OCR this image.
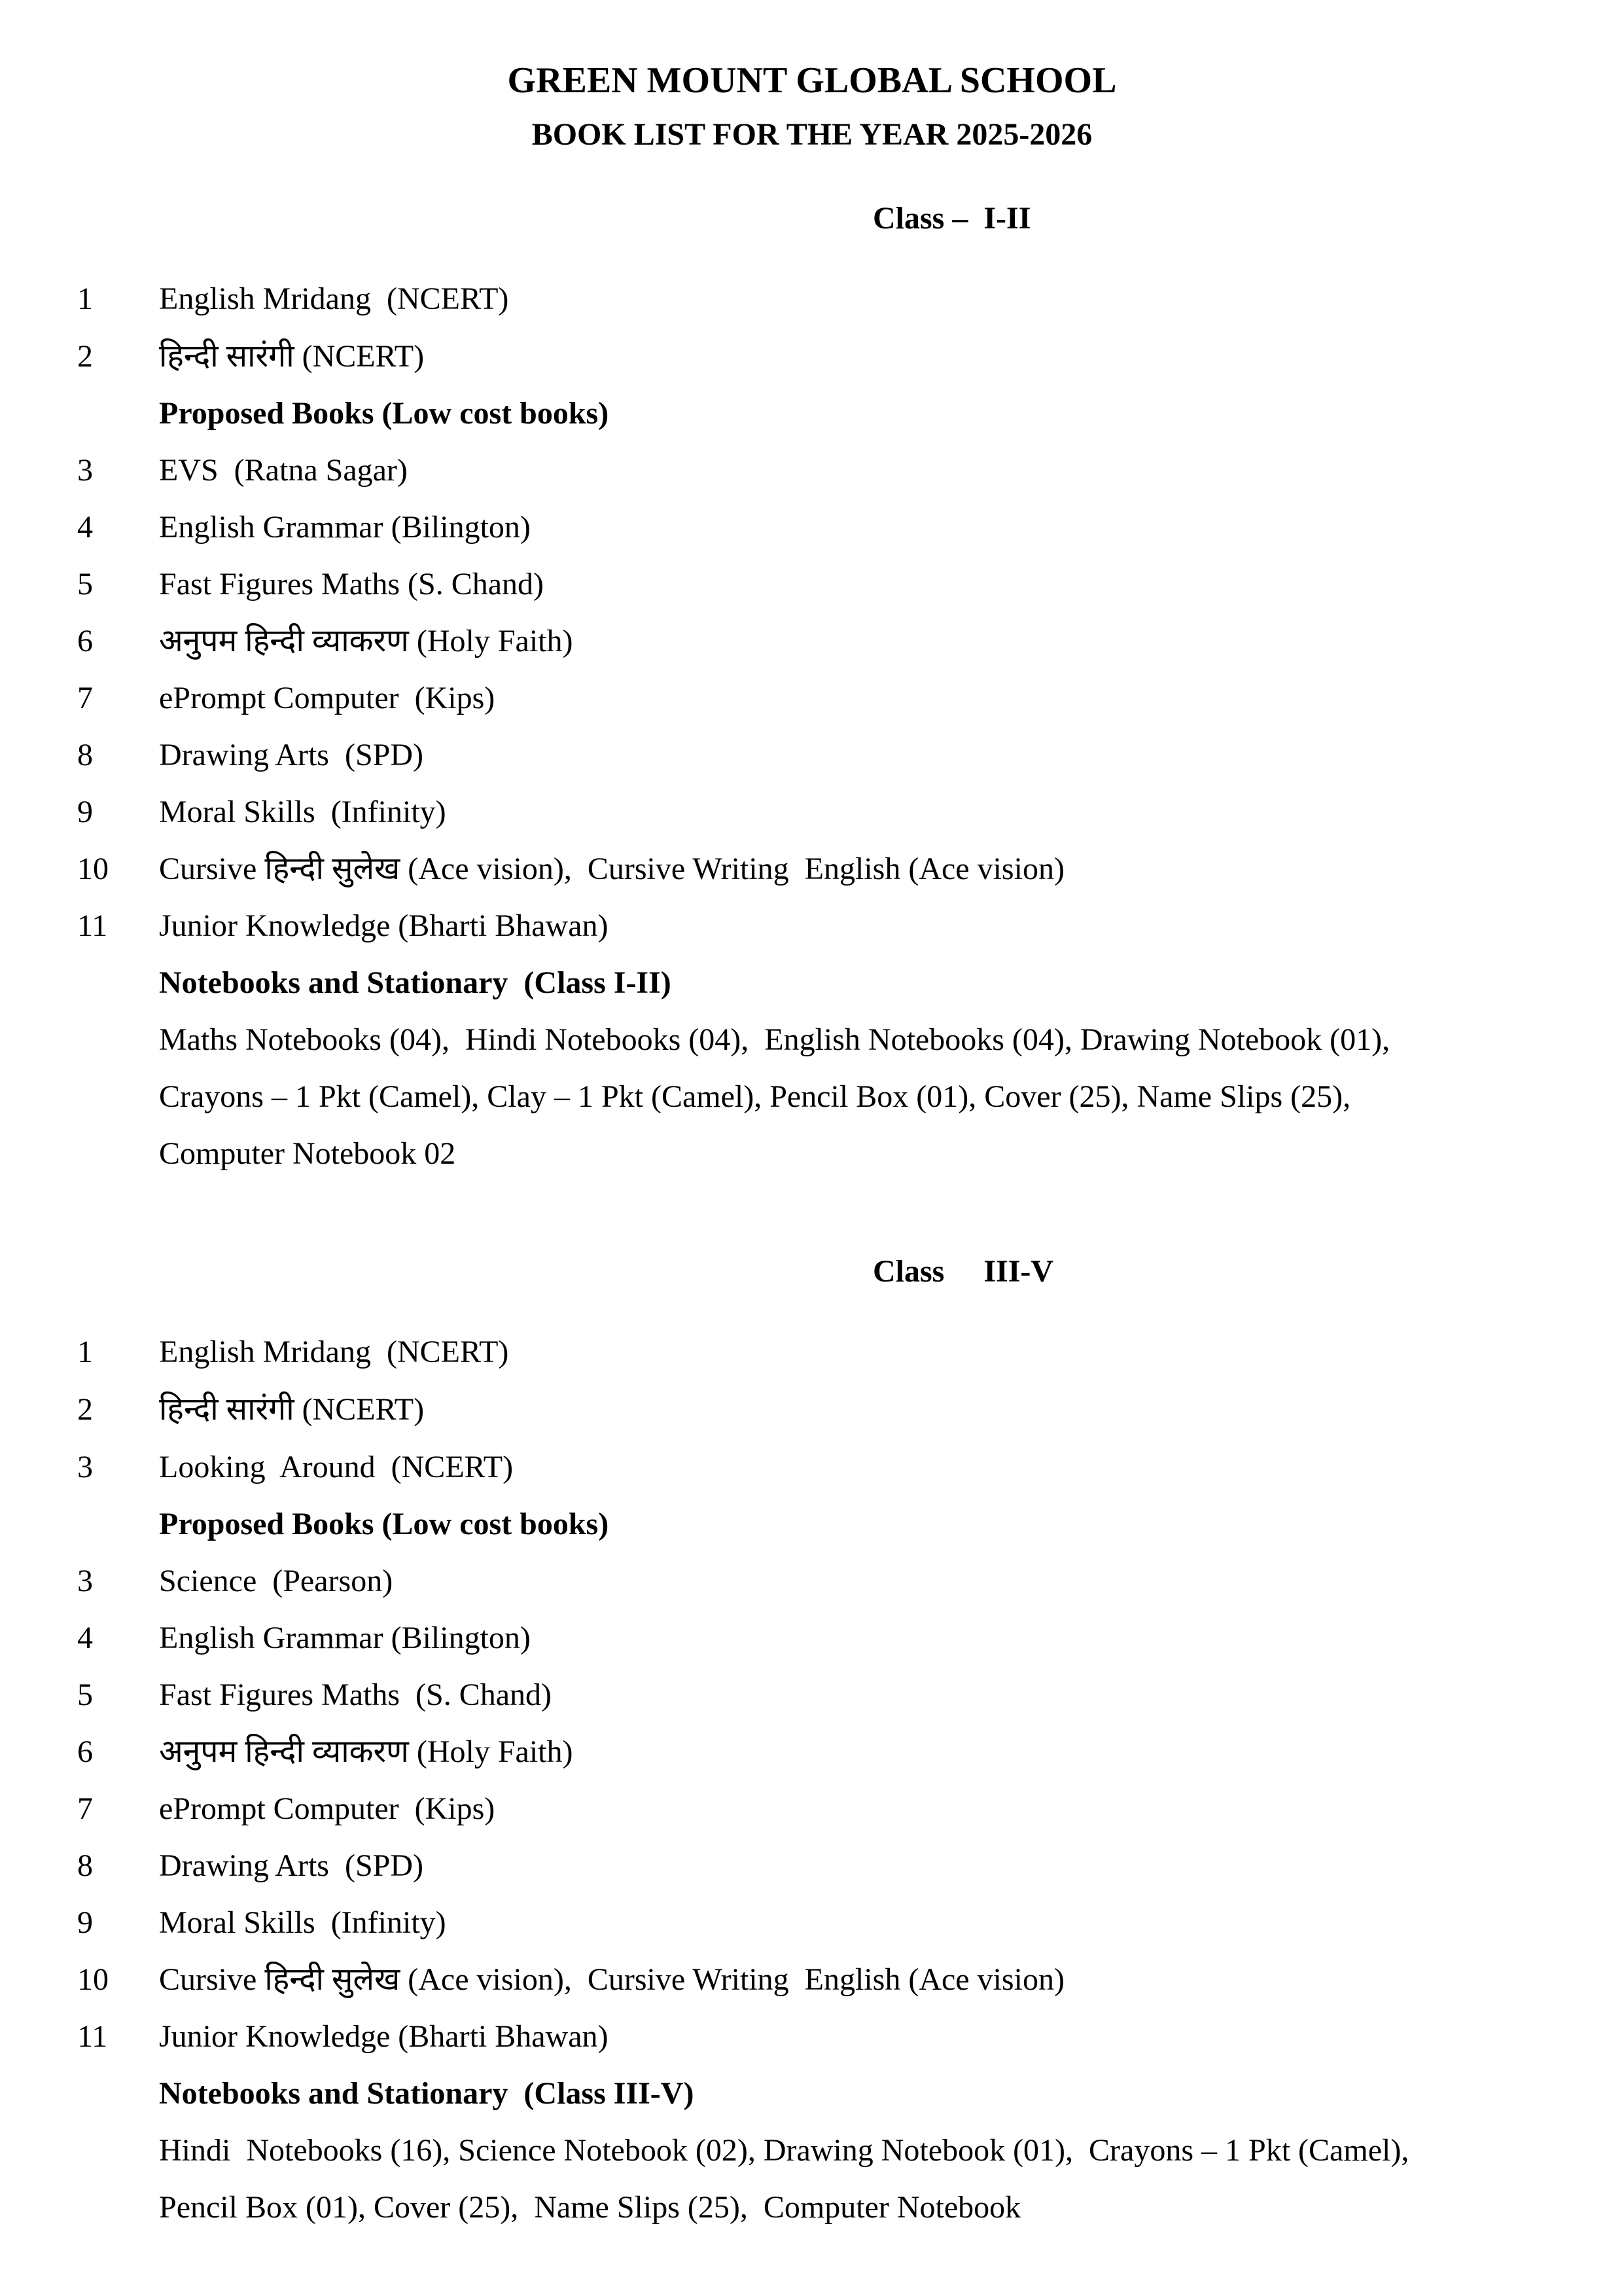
GREEN MOUNT GLOBAL SCHOOL
BOOK LIST FOR THE YEAR 2025-2026
Class –  I-II
1 English Mridang  (NCERT)
2 हिन्दी सारंगी (NCERT)
Proposed Books (Low cost books)
3 EVS  (Ratna Sagar)
4 English Grammar (Bilington)
5 Fast Figures Maths (S. Chand)
6 अनुपम हिन्दी व्याकरण (Holy Faith)
7 ePrompt Computer  (Kips)
8 Drawing Arts  (SPD)
9 Moral Skills  (Infinity)
10 Cursive हिन्दी सुलेख (Ace vision),  Cursive Writing  English (Ace vision)
11 Junior Knowledge (Bharti Bhawan)
Notebooks and Stationary  (Class I-II)
Maths Notebooks (04),  Hindi Notebooks (04),  English Notebooks (04), Drawing Notebook (01),
Crayons – 1 Pkt (Camel), Clay – 1 Pkt (Camel), Pencil Box (01), Cover (25), Name Slips (25),
Computer Notebook 02
Class     III-V
1 English Mridang  (NCERT)
2 हिन्दी सारंगी (NCERT)
3 Looking  Around  (NCERT)
Proposed Books (Low cost books)
3 Science  (Pearson)
4 English Grammar (Bilington)
5 Fast Figures Maths  (S. Chand)
6 अनुपम हिन्दी व्याकरण (Holy Faith)
7 ePrompt Computer  (Kips)
8 Drawing Arts  (SPD)
9 Moral Skills  (Infinity)
10 Cursive हिन्दी सुलेख (Ace vision),  Cursive Writing  English (Ace vision)
11 Junior Knowledge (Bharti Bhawan)
Notebooks and Stationary  (Class III-V)
Hindi  Notebooks (16), Science Notebook (02), Drawing Notebook (01),  Crayons – 1 Pkt (Camel),
Pencil Box (01), Cover (25),  Name Slips (25),  Computer Notebook
